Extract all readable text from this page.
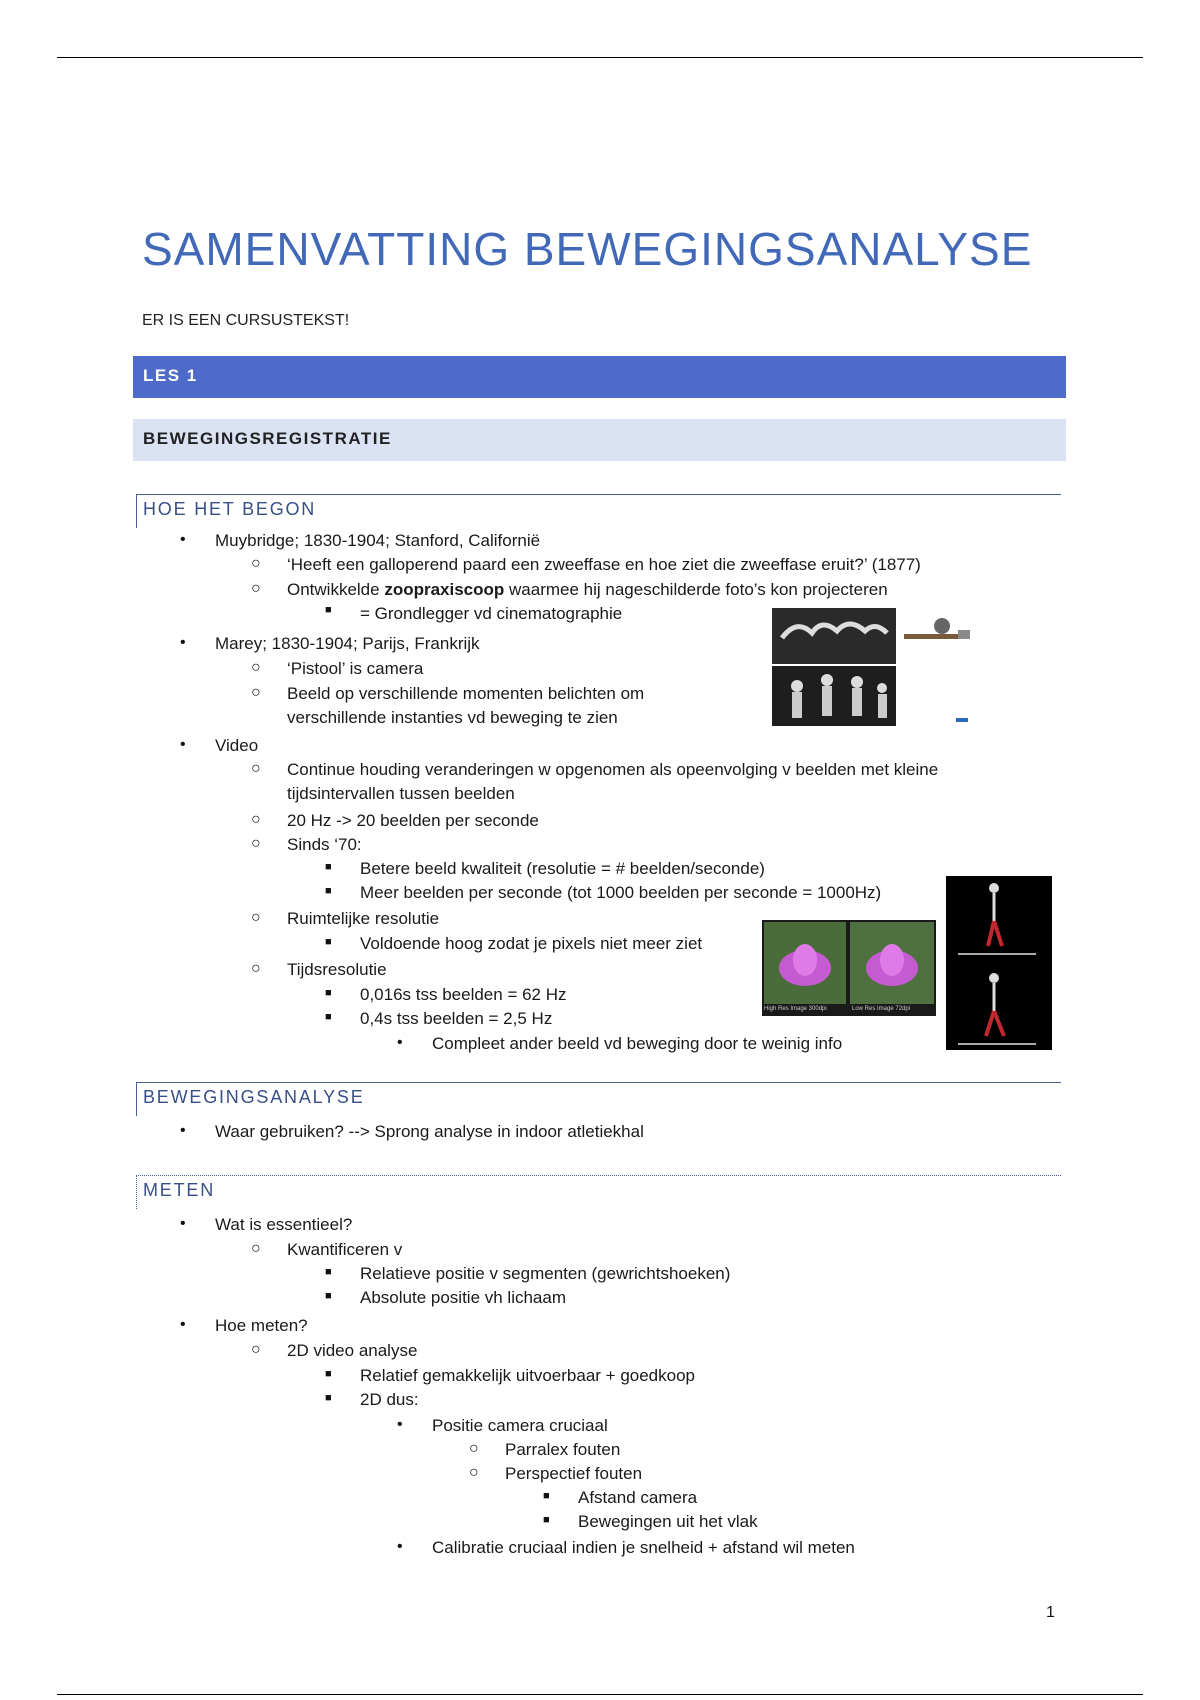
SAMENVATTING BEWEGINGSANALYSE
ER IS EEN CURSUSTEKST!
LES 1
BEWEGINGSREGISTRATIE
HOE HET BEGON
• Muybridge; 1830-1904; Stanford, Californië
○ ‘Heeft een galloperend paard een zweeffase en hoe ziet die zweeffase eruit?’ (1877)
○ Ontwikkelde zoopraxiscoop waarmee hij nageschilderde foto’s kon projecteren
■ = Grondlegger vd cinematographie
• Marey; 1830-1904; Parijs, Frankrijk
○ ‘Pistool’ is camera
○ Beeld op verschillende momenten belichten om
verschillende instanties vd beweging te zien
• Video
○ Continue houding veranderingen w opgenomen als opeenvolging v beelden met kleine
tijdsintervallen tussen beelden
○ 20 Hz -> 20 beelden per seconde
○ Sinds ‘70:
■ Betere beeld kwaliteit (resolutie = # beelden/seconde)
■ Meer beelden per seconde (tot 1000 beelden per seconde = 1000Hz)
○ Ruimtelijke resolutie
■ Voldoende hoog zodat je pixels niet meer ziet
○ Tijdsresolutie
■ 0,016s tss beelden = 62 Hz
■ 0,4s tss beelden = 2,5 Hz
• Compleet ander beeld vd beweging door te weinig info
High Res Image 300dpi	Low Res Image 72dpi
BEWEGINGSANALYSE
• Waar gebruiken? --> Sprong analyse in indoor atletiekhal
METEN
• Wat is essentieel?
○ Kwantificeren v
■ Relatieve positie v segmenten (gewrichtshoeken)
■ Absolute positie vh lichaam
• Hoe meten?
○ 2D video analyse
■ Relatief gemakkelijk uitvoerbaar + goedkoop
■ 2D dus:
• Positie camera cruciaal
○ Parralex fouten
○ Perspectief fouten
■ Afstand camera
■ Bewegingen uit het vlak
• Calibratie cruciaal indien je snelheid + afstand wil meten
1
